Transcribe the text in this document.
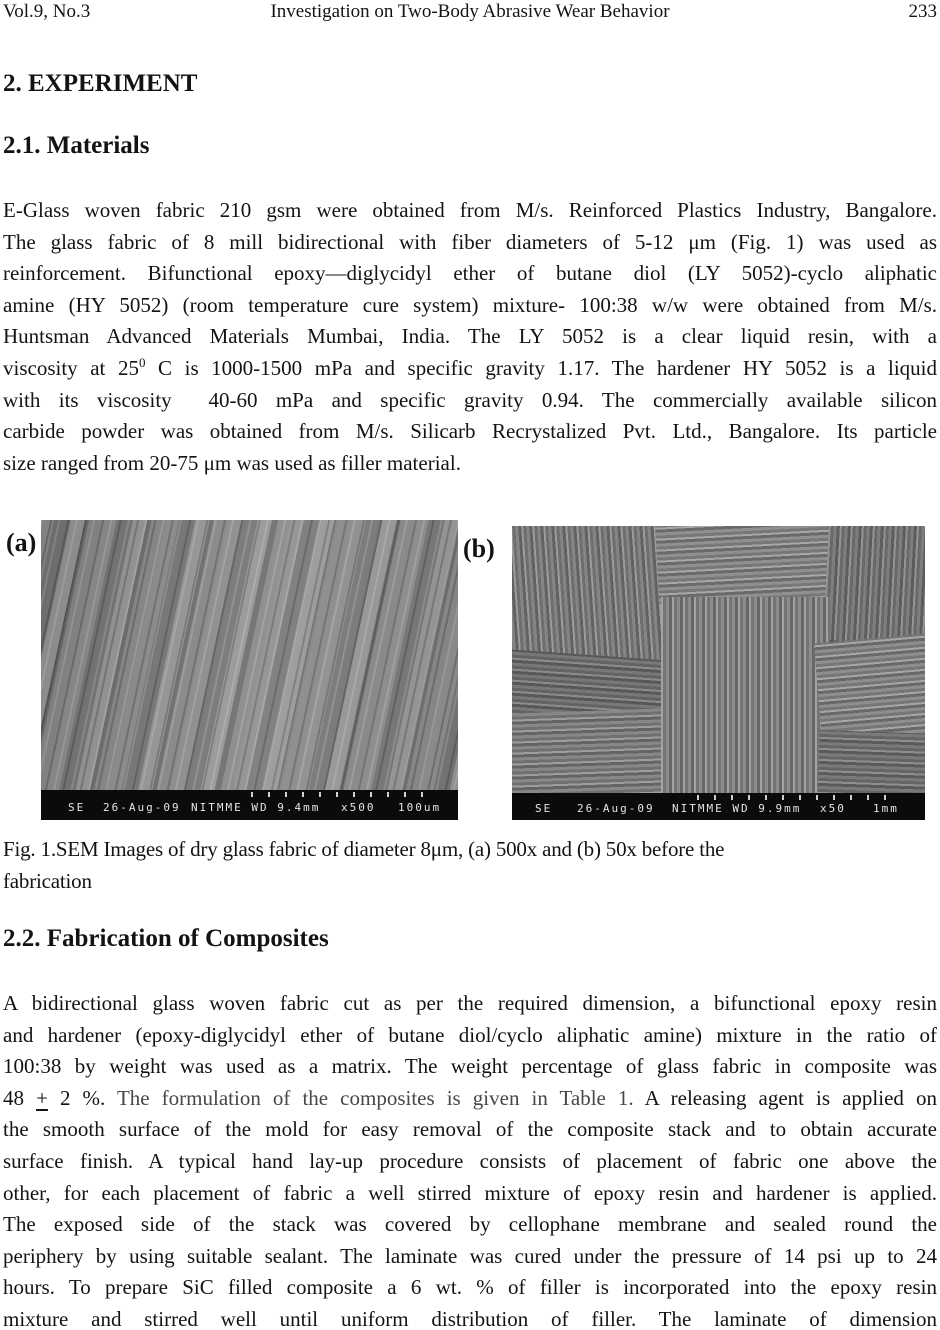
Vol.9, No.3	Investigation on Two-Body Abrasive Wear Behavior	233
2. EXPERIMENT
2.1. Materials
E-Glass woven fabric 210 gsm were obtained from M/s. Reinforced Plastics Industry, Bangalore.
The glass fabric of 8 mill bidirectional with fiber diameters of 5-12 μm (Fig. 1) was used as
reinforcement. Bifunctional epoxy—diglycidyl ether of butane diol (LY 5052)-cyclo aliphatic
amine (HY 5052) (room temperature cure system) mixture- 100:38 w/w were obtained from M/s.
Huntsman Advanced Materials Mumbai, India. The LY 5052 is a clear liquid resin, with a
viscosity at $25^0$ C is 1000-1500 mPa and specific gravity 1.17. The hardener HY 5052 is a liquid
with its viscosity  40-60 mPa and specific gravity 0.94. The commercially available silicon
carbide powder was obtained from M/s. Silicarb Recrystalized Pvt. Ltd., Bangalore. Its particle
size ranged from 20-75 μm was used as filler material.
(a)
SE 26-Aug-09 NITMME WD 9.4mm x500 100um
(b)
SE 26-Aug-09 NITMME WD 9.9mm x50 1mm
Fig. 1.SEM Images of dry glass fabric of diameter 8μm, (a) 500x and (b) 50x before the
fabrication
2.2. Fabrication of Composites
A bidirectional glass woven fabric cut as per the required dimension, a bifunctional epoxy resin
and hardener (epoxy-diglycidyl ether of butane diol/cyclo aliphatic amine) mixture in the ratio of
100:38 by weight was used as a matrix. The weight percentage of glass fabric in composite was
48 + 2 %. The formulation of the composites is given in Table 1. A releasing agent is applied on
the smooth surface of the mold for easy removal of the composite stack and to obtain accurate
surface finish. A typical hand lay-up procedure consists of placement of fabric one above the
other, for each placement of fabric a well stirred mixture of epoxy resin and hardener is applied.
The exposed side of the stack was covered by cellophane membrane and sealed round the
periphery by using suitable sealant. The laminate was cured under the pressure of 14 psi up to 24
hours. To prepare SiC filled composite a 6 wt. % of filler is incorporated into the epoxy resin
mixture and stirred well until uniform distribution of filler. The laminate of dimension
